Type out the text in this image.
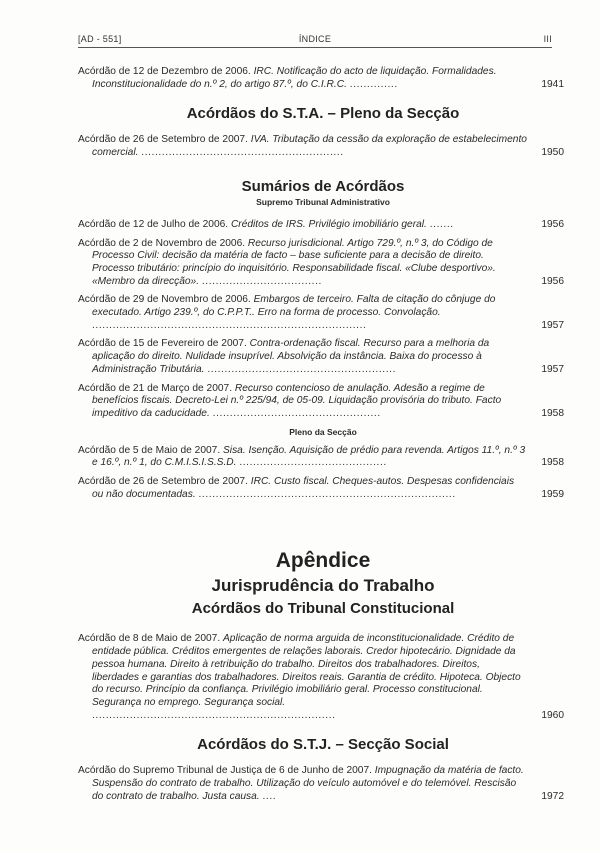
[AD - 551]	ÍNDICE	III
Acórdão de 12 de Dezembro de 2006. IRC. Notificação do acto de liquidação. Formalidades. Inconstitucionalidade do n.º 2, do artigo 87.º, do C.I.R.C. ..............	1941
Acórdãos do S.T.A. – Pleno da Secção
Acórdão de 26 de Setembro de 2007. IVA. Tributação da cessão da exploração de estabelecimento comercial. ...........................................................	1950
Sumários de Acórdãos
Supremo Tribunal Administrativo
Acórdão de 12 de Julho de 2006. Créditos de IRS. Privilégio imobiliário geral. .......	1956
Acórdão de 2 de Novembro de 2006. Recurso jurisdicional. Artigo 729.º, n.º 3, do Código de Processo Civil: decisão da matéria de facto – base suficiente para a decisão de direito. Processo tributário: princípio do inquisitório. Responsabilidade fiscal. «Clube desportivo». «Membro da direcção». ...................................	1956
Acórdão de 29 de Novembro de 2006. Embargos de terceiro. Falta de citação do cônjuge do executado. Artigo 239.º, do C.P.P.T.. Erro na forma de processo. Convolação. ................................................................................	1957
Acórdão de 15 de Fevereiro de 2007. Contra-ordenação fiscal. Recurso para a melhoria da aplicação do direito. Nulidade insuprível. Absolvição da instância. Baixa do processo à Administração Tributária. .......................................................	1957
Acórdão de 21 de Março de 2007. Recurso contencioso de anulação. Adesão a regime de benefícios fiscais. Decreto-Lei n.º 225/94, de 05-09. Liquidação provisória do tributo. Facto impeditivo da caducidade. .................................................	1958
Pleno da Secção
Acórdão de 5 de Maio de 2007. Sisa. Isenção. Aquisição de prédio para revenda. Artigos 11.º, n.º 3 e 16.º, n.º 1, do C.M.I.S.I.S.S.D. ...........................................	1958
Acórdão de 26 de Setembro de 2007. IRC. Custo fiscal. Cheques-autos. Despesas confidenciais ou não documentadas. ...........................................................................	1959
Apêndice
Jurisprudência do Trabalho
Acórdãos do Tribunal Constitucional
Acórdão de 8 de Maio de 2007. Aplicação de norma arguida de inconstitucionalidade. Crédito de entidade pública. Créditos emergentes de relações laborais. Credor hipotecário. Dignidade da pessoa humana. Direito à retribuição do trabalho. Direitos dos trabalhadores. Direitos, liberdades e garantias dos trabalhadores. Direitos reais. Garantia de crédito. Hipoteca. Objecto do recurso. Princípio da confiança. Privilégio imobiliário geral. Processo constitucional. Segurança no emprego. Segurança social. .......................................................................	1960
Acórdãos do S.T.J. – Secção Social
Acórdão do Supremo Tribunal de Justiça de 6 de Junho de 2007. Impugnação da matéria de facto. Suspensão do contrato de trabalho. Utilização do veículo automóvel e do telemóvel. Rescisão do contrato de trabalho. Justa causa. ....	1972
